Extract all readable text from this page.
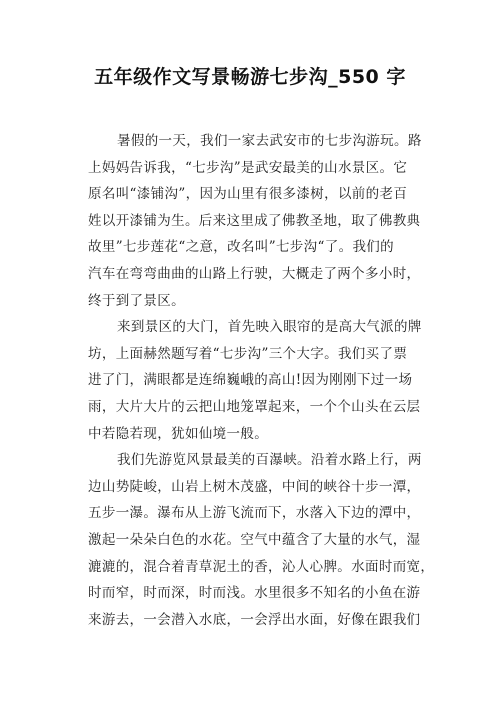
五年级作文写景畅游七步沟_550 字
暑假的一天，我们一家去武安市的七步沟游玩。路
上妈妈告诉我，“七步沟”是武安最美的山水景区。它
原名叫“漆铺沟”，因为山里有很多漆树，以前的老百
姓以开漆铺为生。后来这里成了佛教圣地，取了佛教典
故里”七步莲花“之意，改名叫”七步沟“了。我们的
汽车在弯弯曲曲的山路上行驶，大概走了两个多小时，
终于到了景区。
来到景区的大门，首先映入眼帘的是高大气派的牌
坊，上面赫然题写着“七步沟”三个大字。我们买了票
进了门，满眼都是连绵巍峨的高山!因为刚刚下过一场
雨，大片大片的云把山地笼罩起来，一个个山头在云层
中若隐若现，犹如仙境一般。
我们先游览风景最美的百瀑峡。沿着水路上行，两
边山势陡峻，山岩上树木茂盛，中间的峡谷十步一潭，
五步一瀑。瀑布从上游飞流而下，水落入下边的潭中，
激起一朵朵白色的水花。空气中蕴含了大量的水气，湿
漉漉的，混合着青草泥土的香，沁人心脾。水面时而宽，
时而窄，时而深，时而浅。水里很多不知名的小鱼在游
来游去，一会潜入水底，一会浮出水面，好像在跟我们
